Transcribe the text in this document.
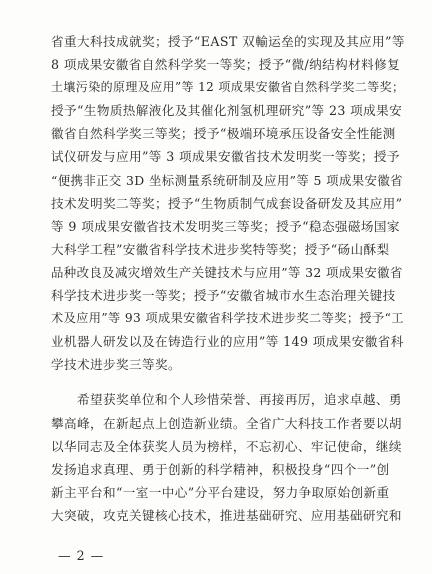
省重大科技成就奖；授予“EAST 双輸运垒的实现及其应用”等
8 项成果安徽省自然科学奖一等奖；授予“微/纳结构材料修复
土壤污染的原理及应用”等 12 项成果安徽省自然科学奖二等奖；
授予“生物质热解液化及其催化剂氢机理研究”等 23 项成果安
徽省自然科学奖三等奖；授予“极端环境承压设备安全性能测
试仪研发与应用”等 3 项成果安徽省技术发明奖一等奖；授予
“便携非正交 3D 坐标测量系统研制及应用”等 5 项成果安徽省
技术发明奖二等奖；授予“生物质制气成套设备研发及其应用”
等 9 项成果安徽省技术发明奖三等奖；授予“稳态强磁场国家
大科学工程”安徽省科学技术进步奖特等奖；授予“砀山酥梨
品种改良及减灾增效生产关键技术与应用”等 32 项成果安徽省
科学技术进步奖一等奖；授予“安徽省城市水生态治理关键技
术及应用”等 93 项成果安徽省科学技术进步奖二等奖；授予“工
业机器人研发以及在铸造行业的应用”等 149 项成果安徽省科
学技术进步奖三等奖。
希望获奖单位和个人珍惜荣誉、再接再厉，追求卓越、勇
攀高峰，在新起点上创造新业绩。全省广大科技工作者要以胡
以华同志及全体获奖人员为榜样，不忘初心、牢记使命，继续
发扬追求真理、勇于创新的科学精神，积极投身“四个一”创
新主平台和“一室一中心”分平台建设，努力争取原始创新重
大突破，攻克关键核心技术，推进基础研究、应用基础研究和
— 2 —
